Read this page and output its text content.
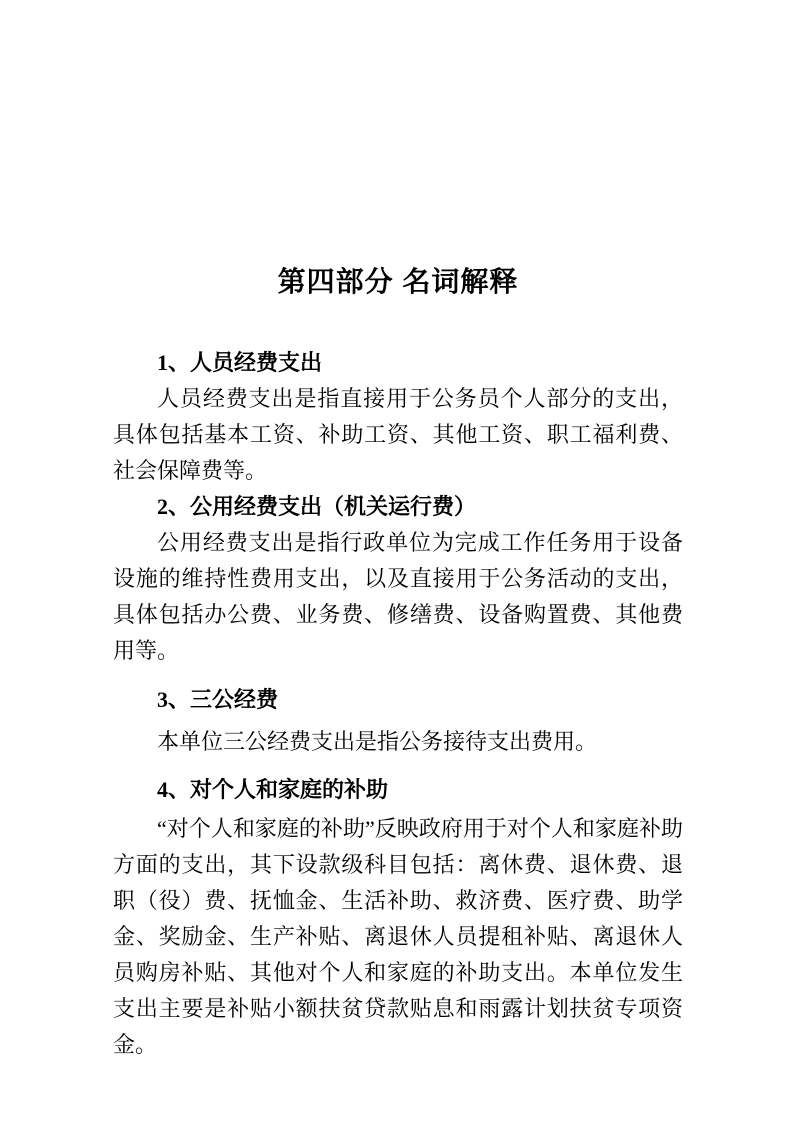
第四部分 名词解释
1、人员经费支出

人员经费支出是指直接用于公务员个人部分的支出，具体包括基本工资、补助工资、其他工资、职工福利费、社会保障费等。

2、公用经费支出（机关运行费）

公用经费支出是指行政单位为完成工作任务用于设备设施的维持性费用支出，以及直接用于公务活动的支出，具体包括办公费、业务费、修缮费、设备购置费、其他费用等。

3、三公经费

本单位三公经费支出是指公务接待支出费用。

4、对个人和家庭的补助

“对个人和家庭的补助”反映政府用于对个人和家庭补助方面的支出，其下设款级科目包括：离休费、退休费、退职（役）费、抚恤金、生活补助、救济费、医疗费、助学金、奖励金、生产补贴、离退休人员提租补贴、离退休人员购房补贴、其他对个人和家庭的补助支出。本单位发生支出主要是补贴小额扶贫贷款贴息和雨露计划扶贫专项资金。
